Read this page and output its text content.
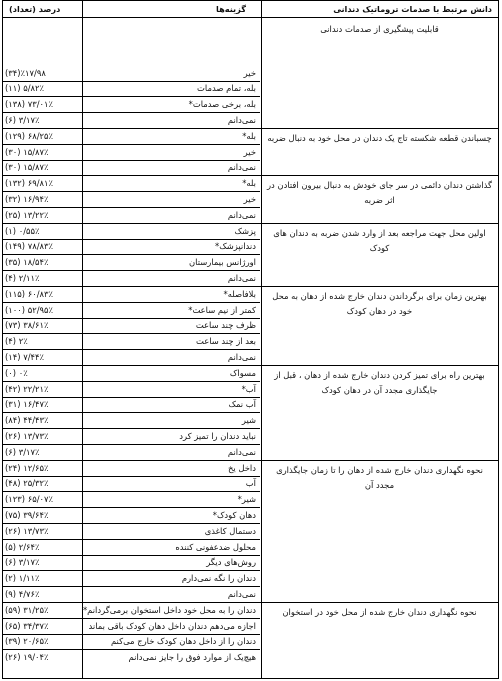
دانش مرتبط با صدمات تروماتیک دندانی
گزینه‌ها
درصد (تعداد)
قابلیت پیشگیری از صدمات دندانی
خیر
(۳۴)٪۱۷/۹۸
بله، تمام صدمات
(۱۱) ۵/۸۲٪
بله، برخی صدمات*
(۱۳۸) ۷۳/۰۱٪
نمی‌دانم
(۶) ۳/۱۷٪
چسباندن قطعه شکسته تاج یک دندان در محل خود به دنبال ضربه
بله*
(۱۲۹) ۶۸/۲۵٪
خیر
(۳۰) ۱۵/۸۷٪
نمی‌دانم
(۳۰) ۱۵/۸۷٪
گذاشتن دندان دائمی در سر جای خودش به دنبال بیرون افتادن در اثر ضربه
بله*
(۱۳۲) ۶۹/۸۱٪
خیر
(۳۲) ۱۶/۹۴٪
نمی‌دانم
(۲۵) ۱۳/۲۲٪
اولین محل جهت مراجعه بعد از وارد شدن ضربه به دندان های کودک
پزشک
(۱) ۰/۵۵٪
دندانپزشک*
(۱۴۹) ۷۸/۸۳٪
اورژانس بیمارستان
(۳۵) ۱۸/۵۴٪
نمی‌دانم
(۴) ۲/۱۱٪
بهترین زمان برای برگرداندن دندان خارج شده از دهان به محل خود در دهان کودک
بلافاصله*
(۱۱۵) ۶۰/۸۳٪
کمتر از نیم ساعت*
(۱۰۰) ۵۲/۹۵٪
ظرف چند ساعت
(۷۳) ۳۸/۶۱٪
بعد از چند ساعت
(۴) ۲٪
نمی‌دانم
(۱۴) ۷/۴۴٪
بهترین راه برای تمیز کردن دندان خارج شده از دهان ، قبل از جایگذاری مجدد آن در دهان کودک
مسواک
(۰) ۰٪
آب*
(۴۲) ۲۲/۲۱٪
آب نمک
(۳۱) ۱۶/۴۷٪
شیر
(۸۴) ۴۴/۴۳٪
نباید دندان را تمیز کرد
(۲۶) ۱۳/۷۳٪
نمی‌دانم
(۶) ۳/۱۷٪
نحوه نگهداری دندان خارج شده از دهان را تا زمان جایگذاری مجدد آن
داخل یخ
(۲۴) ۱۲/۶۵٪
آب
(۴۸) ۲۵/۳۲٪
شیر*
(۱۲۳) ۶۵/۰۷٪
دهان کودک*
(۷۵) ۳۹/۶۴٪
دستمال کاغذی
(۲۶) ۱۳/۷۳٪
محلول ضدعفونی کننده
(۵) ۲/۶۴٪
روش‌های دیگر
(۶) ۳/۱۷٪
دندان را نگه نمی‌دارم
(۲) ۱/۱۱٪
نمی‌دانم
(۹) ۴/۷۶٪
نحوه نگهداری دندان خارج شده از محل خود در استخوان
دندان را به محل خود داخل استخوان برمی‌گردانم*
(۵۹) ۳۱/۲۵٪
اجازه می‌دهم دندان داخل دهان کودک باقی بماند
(۶۵) ۳۴/۳۷٪
دندان را از داخل دهان کودک خارج می‌کنم
(۳۹) ۲۰/۶۵٪
هیچ‌یک از موارد فوق را جایز نمی‌دانم
(۲۶) ۱۹/۰۴٪
